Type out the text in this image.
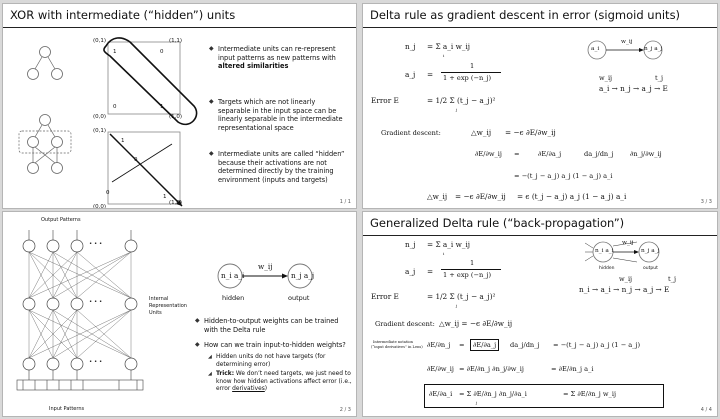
XOR with intermediate (“hidden”) units
(0,1)	(1,1)
(0,0)	(1,0)
1	0
0	1
(0,1)
(0,0)
(1,0)
1
1
0
0
◆ Intermediate units can re-represent input patterns as new patterns with altered similarities
◆ Targets which are not linearly separable in the input space can be linearly separable in the intermediate representational space
◆ Intermediate units are called “hidden” because their activations are not determined directly by the training environment (inputs and targets)
1 / 1
Delta rule as gradient descent in error (sigmoid units)
n_j = Σ a_i w_ij
i
a_j =
1
1 + exp (−n_j)
Error E	= 1/2 Σ (t_j − a_j)²
j
Gradient descent:	△w_ij = −ϵ ∂E/∂w_ij
∂E/∂w_ij =	∂E/∂a_j	da_j/dn_j ∂n_j/∂w_ij
= −(t_j − a_j) a_j (1 − a_j) a_i
△w_ij = −ϵ ∂E/∂w_ij = ϵ (t_j − a_j) a_j (1 − a_j) a_i
a_i	n_j a_j
w_ij
w_ij	t_j
a_i → n_j → a_j → E
3 / 3
Output Patterns
• • •
• • •
• • •
Internal
Representation
Units
Input Patterns
n_i a_i	n_j a_j
w_ij
hidden	output
◆ Hidden-to-output weights can be trained with the Delta rule
◆ How can we train input-to-hidden weights?
◢ Hidden units do not have targets (for determining error)
◢ Trick: We don’t need targets, we just need to know how hidden activations affect error (i.e., error derivatives)
2 / 3
Generalized Delta rule (“back-propagation”)
n_j = Σ a_i w_ij
i
a_j =
1
1 + exp (−n_j)
Error E	= 1/2 Σ (t_j − a_j)²
j
Gradient descent: △w_ij = −ϵ ∂E/∂w_ij
Intermediate notation
(“input derivatives” in Lens) ∂E/∂n_j =	∂E/∂a_j	da_j/dn_j = −(t_j − a_j) a_j (1 − a_j)
∂E/∂w_ij = ∂E/∂n_j ∂n_j/∂w_ij	= ∂E/∂n_j a_i
∂E/∂a_i = Σ ∂E/∂n_j ∂n_j/∂a_i	= Σ ∂E/∂n_j w_ij
j
n_i a_i	n_j a_j
w_ij
hidden	output
w_ij	t_j
n_i → a_i → n_j → a_j → E
4 / 4
